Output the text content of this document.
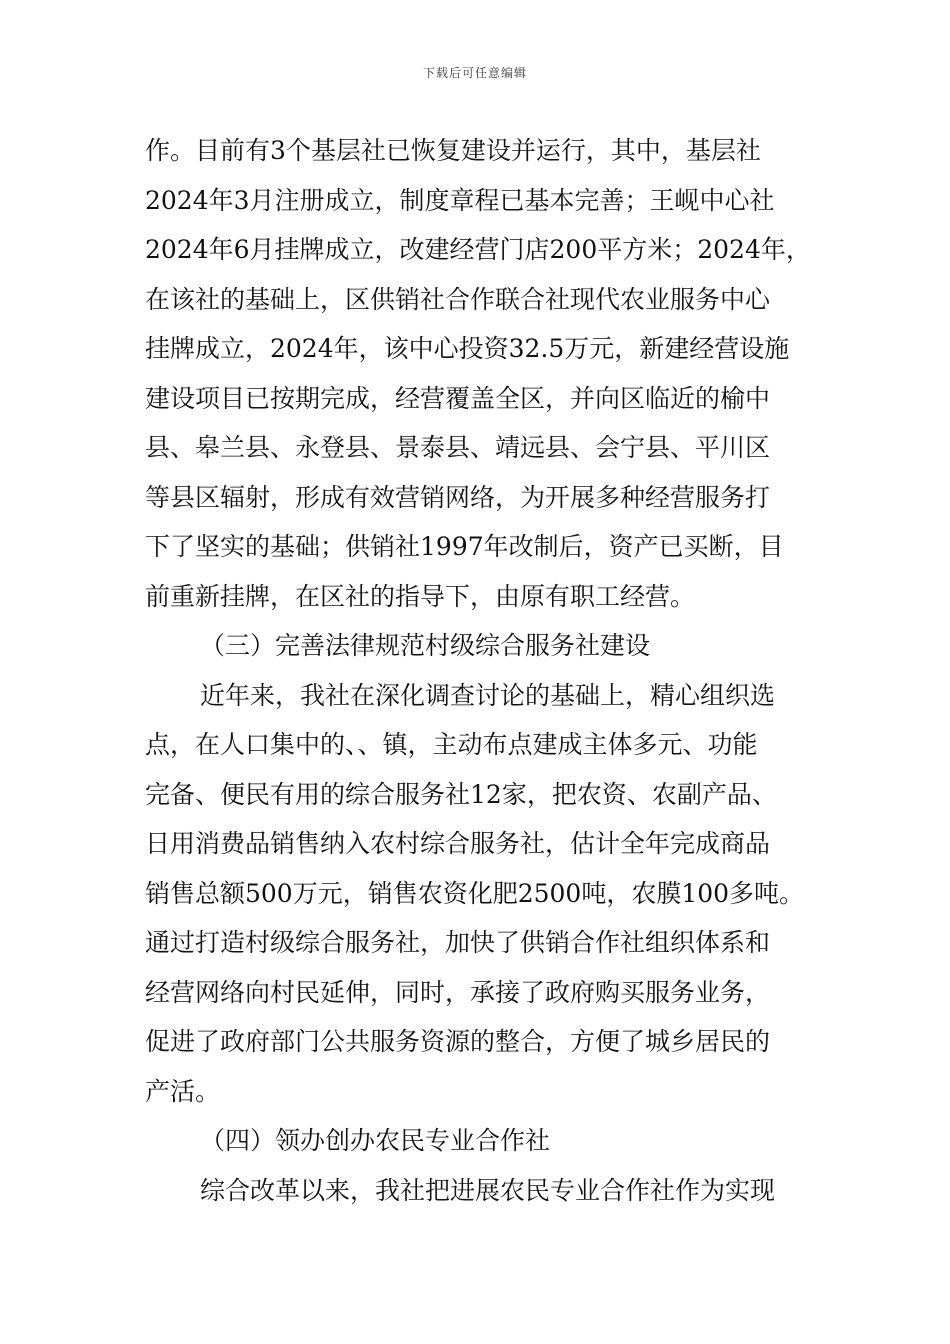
下载后可任意编辑
作。目前有3个基层社已恢复建设并运行，其中，基层社
2024年3月注册成立，制度章程已基本完善；王岘中心社
2024年6月挂牌成立，改建经营门店200平方米；2024年，
在该社的基础上，区供销社合作联合社现代农业服务中心
挂牌成立，2024年，该中心投资32.5万元，新建经营设施
建设项目已按期完成，经营覆盖全区，并向区临近的榆中
县、皋兰县、永登县、景泰县、靖远县、会宁县、平川区
等县区辐射，形成有效营销网络，为开展多种经营服务打
下了坚实的基础；供销社1997年改制后，资产已买断，目
前重新挂牌，在区社的指导下，由原有职工经营。
（三）完善法律规范村级综合服务社建设
近年来，我社在深化调查讨论的基础上，精心组织选
点，在人口集中的、、镇，主动布点建成主体多元、功能
完备、便民有用的综合服务社12家，把农资、农副产品、
日用消费品销售纳入农村综合服务社，估计全年完成商品
销售总额500万元，销售农资化肥2500吨，农膜100多吨。
通过打造村级综合服务社，加快了供销合作社组织体系和
经营网络向村民延伸，同时，承接了政府购买服务业务，
促进了政府部门公共服务资源的整合，方便了城乡居民的
产活。
（四）领办创办农民专业合作社
综合改革以来，我社把进展农民专业合作社作为实现
